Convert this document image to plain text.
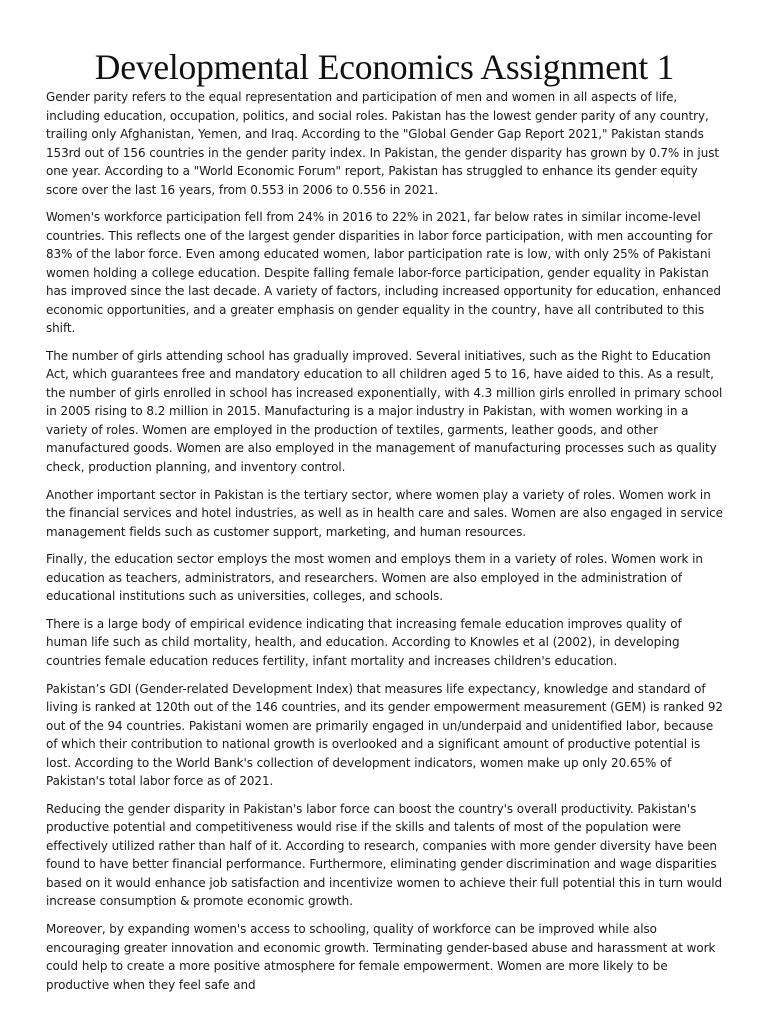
Developmental Economics Assignment 1

Gender parity refers to the equal representation and participation of men and women in all aspects of life, including education, occupation, politics, and social roles. Pakistan has the lowest gender parity of any country, trailing only Afghanistan, Yemen, and Iraq. According to the "Global Gender Gap Report 2021," Pakistan stands 153rd out of 156 countries in the gender parity index. In Pakistan, the gender disparity has grown by 0.7% in just one year. According to a "World Economic Forum" report, Pakistan has struggled to enhance its gender equity score over the last 16 years, from 0.553 in 2006 to 0.556 in 2021.

Women's workforce participation fell from 24% in 2016 to 22% in 2021, far below rates in similar income-level countries. This reflects one of the largest gender disparities in labor force participation, with men accounting for 83% of the labor force. Even among educated women, labor participation rate is low, with only 25% of Pakistani women holding a college education. Despite falling female labor-force participation, gender equality in Pakistan has improved since the last decade. A variety of factors, including increased opportunity for education, enhanced economic opportunities, and a greater emphasis on gender equality in the country, have all contributed to this shift.

The number of girls attending school has gradually improved. Several initiatives, such as the Right to Education Act, which guarantees free and mandatory education to all children aged 5 to 16, have aided to this. As a result, the number of girls enrolled in school has increased exponentially, with 4.3 million girls enrolled in primary school in 2005 rising to 8.2 million in 2015. Manufacturing is a major industry in Pakistan, with women working in a variety of roles. Women are employed in the production of textiles, garments, leather goods, and other manufactured goods. Women are also employed in the management of manufacturing processes such as quality check, production planning, and inventory control.

Another important sector in Pakistan is the tertiary sector, where women play a variety of roles. Women work in the financial services and hotel industries, as well as in health care and sales. Women are also engaged in service management fields such as customer support, marketing, and human resources.

Finally, the education sector employs the most women and employs them in a variety of roles. Women work in education as teachers, administrators, and researchers. Women are also employed in the administration of educational institutions such as universities, colleges, and schools.

There is a large body of empirical evidence indicating that increasing female education improves quality of human life such as child mortality, health, and education. According to Knowles et al (2002), in developing countries female education reduces fertility, infant mortality and increases children's education.

Pakistan’s GDI (Gender-related Development Index) that measures life expectancy, knowledge and standard of living is ranked at 120th out of the 146 countries, and its gender empowerment measurement (GEM) is ranked 92 out of the 94 countries. Pakistani women are primarily engaged in un/underpaid and unidentified labor, because of which their contribution to national growth is overlooked and a significant amount of productive potential is lost. According to the World Bank's collection of development indicators, women make up only 20.65% of Pakistan's total labor force as of 2021.

Reducing the gender disparity in Pakistan's labor force can boost the country's overall productivity. Pakistan's productive potential and competitiveness would rise if the skills and talents of most of the population were effectively utilized rather than half of it. According to research, companies with more gender diversity have been found to have better financial performance. Furthermore, eliminating gender discrimination and wage disparities based on it would enhance job satisfaction and incentivize women to achieve their full potential this in turn would increase consumption & promote economic growth.

Moreover, by expanding women's access to schooling, quality of workforce can be improved while also encouraging greater innovation and economic growth. Terminating gender-based abuse and harassment at work could help to create a more positive atmosphere for female empowerment. Women are more likely to be productive when they feel safe and
